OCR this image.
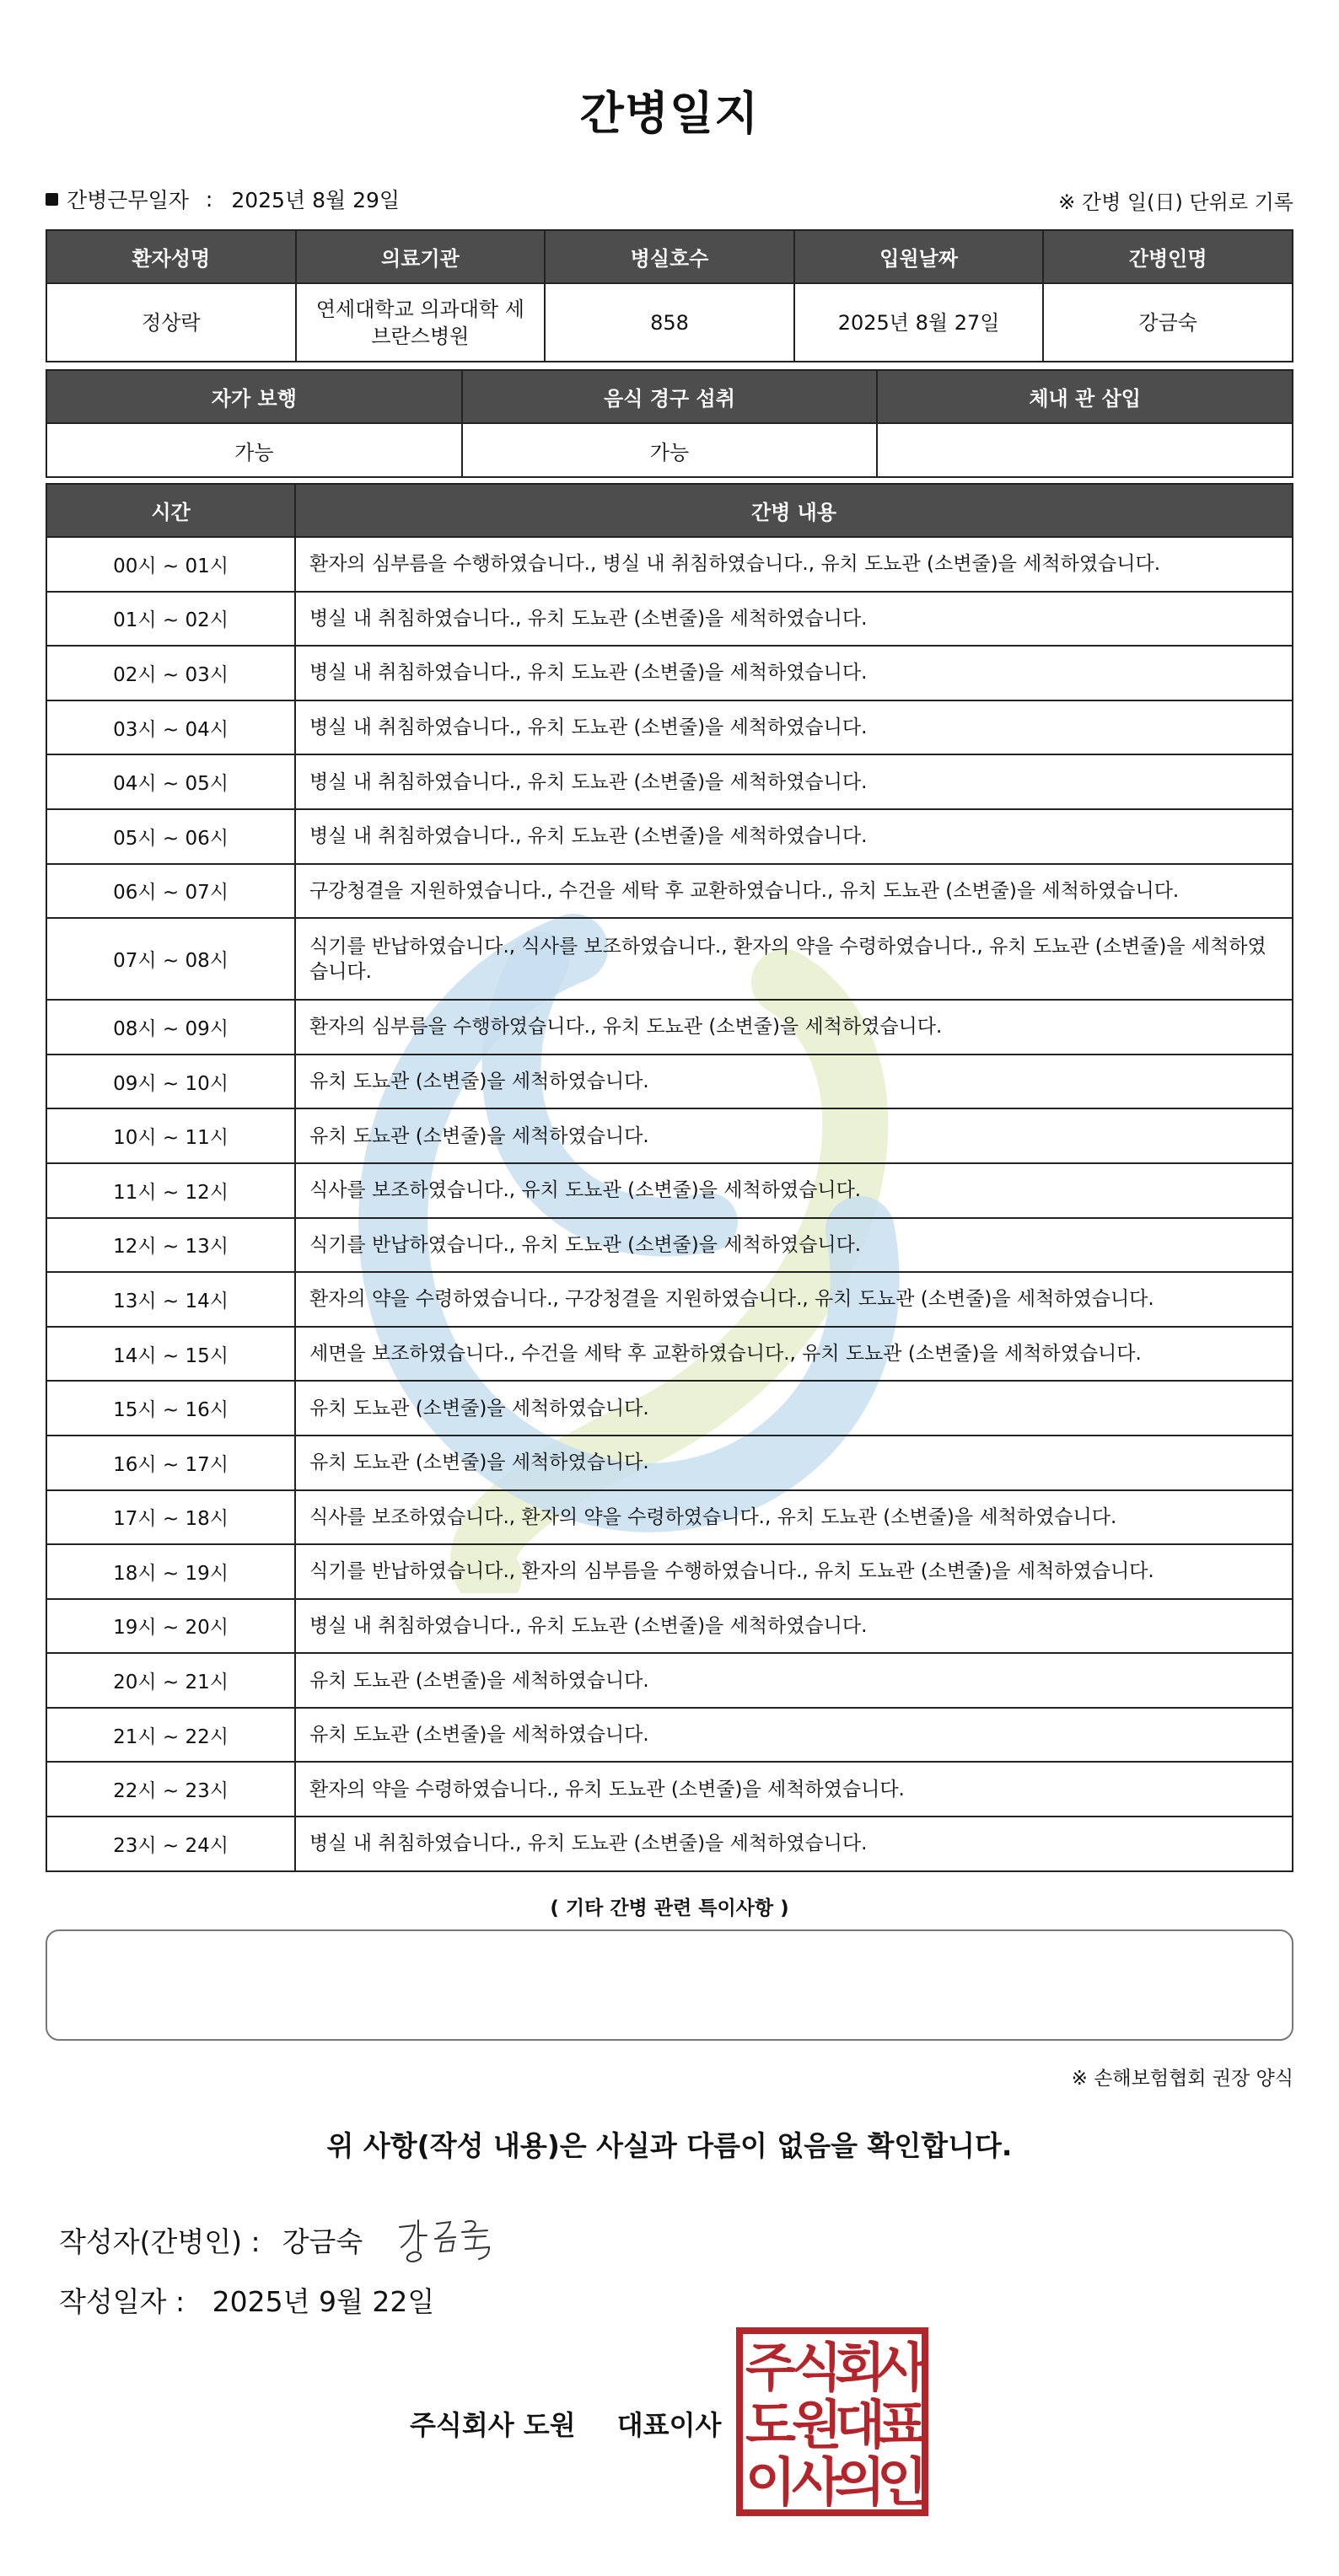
간병일지
간병근무일자 : 2025년 8월 29일	※ 간병 일(日) 단위로 기록
환자성명	의료기관	병실호수	입원날짜	간병인명
정상락	연세대학교 의과대학 세브란스병원	858	2025년 8월 27일	강금숙
자가 보행	음식 경구 섭취	체내 관 삽입
가능	가능	
시간	간병 내용
00시 ~ 01시	환자의 심부름을 수행하였습니다., 병실 내 취침하였습니다., 유치 도뇨관 (소변줄)을 세척하였습니다.
01시 ~ 02시	병실 내 취침하였습니다., 유치 도뇨관 (소변줄)을 세척하였습니다.
02시 ~ 03시	병실 내 취침하였습니다., 유치 도뇨관 (소변줄)을 세척하였습니다.
03시 ~ 04시	병실 내 취침하였습니다., 유치 도뇨관 (소변줄)을 세척하였습니다.
04시 ~ 05시	병실 내 취침하였습니다., 유치 도뇨관 (소변줄)을 세척하였습니다.
05시 ~ 06시	병실 내 취침하였습니다., 유치 도뇨관 (소변줄)을 세척하였습니다.
06시 ~ 07시	구강청결을 지원하였습니다., 수건을 세탁 후 교환하였습니다., 유치 도뇨관 (소변줄)을 세척하였습니다.
07시 ~ 08시	식기를 반납하였습니다., 식사를 보조하였습니다., 환자의 약을 수령하였습니다., 유치 도뇨관 (소변줄)을 세척하였습니다.
08시 ~ 09시	환자의 심부름을 수행하였습니다., 유치 도뇨관 (소변줄)을 세척하였습니다.
09시 ~ 10시	유치 도뇨관 (소변줄)을 세척하였습니다.
10시 ~ 11시	유치 도뇨관 (소변줄)을 세척하였습니다.
11시 ~ 12시	식사를 보조하였습니다., 유치 도뇨관 (소변줄)을 세척하였습니다.
12시 ~ 13시	식기를 반납하였습니다., 유치 도뇨관 (소변줄)을 세척하였습니다.
13시 ~ 14시	환자의 약을 수령하였습니다., 구강청결을 지원하였습니다., 유치 도뇨관 (소변줄)을 세척하였습니다.
14시 ~ 15시	세면을 보조하였습니다., 수건을 세탁 후 교환하였습니다., 유치 도뇨관 (소변줄)을 세척하였습니다.
15시 ~ 16시	유치 도뇨관 (소변줄)을 세척하였습니다.
16시 ~ 17시	유치 도뇨관 (소변줄)을 세척하였습니다.
17시 ~ 18시	식사를 보조하였습니다., 환자의 약을 수령하였습니다., 유치 도뇨관 (소변줄)을 세척하였습니다.
18시 ~ 19시	식기를 반납하였습니다., 환자의 심부름을 수행하였습니다., 유치 도뇨관 (소변줄)을 세척하였습니다.
19시 ~ 20시	병실 내 취침하였습니다., 유치 도뇨관 (소변줄)을 세척하였습니다.
20시 ~ 21시	유치 도뇨관 (소변줄)을 세척하였습니다.
21시 ~ 22시	유치 도뇨관 (소변줄)을 세척하였습니다.
22시 ~ 23시	환자의 약을 수령하였습니다., 유치 도뇨관 (소변줄)을 세척하였습니다.
23시 ~ 24시	병실 내 취침하였습니다., 유치 도뇨관 (소변줄)을 세척하였습니다.
( 기타 간병 관련 특이사항 )
※ 손해보험협회 권장 양식
위 사항(작성 내용)은 사실과 다름이 없음을 확인합니다.
작성자(간병인) : 강금숙
작성일자 : 2025년 9월 22일
주식회사 도원 대표이사
주
식
회
사
도
원
대
표
이
사
의
인
